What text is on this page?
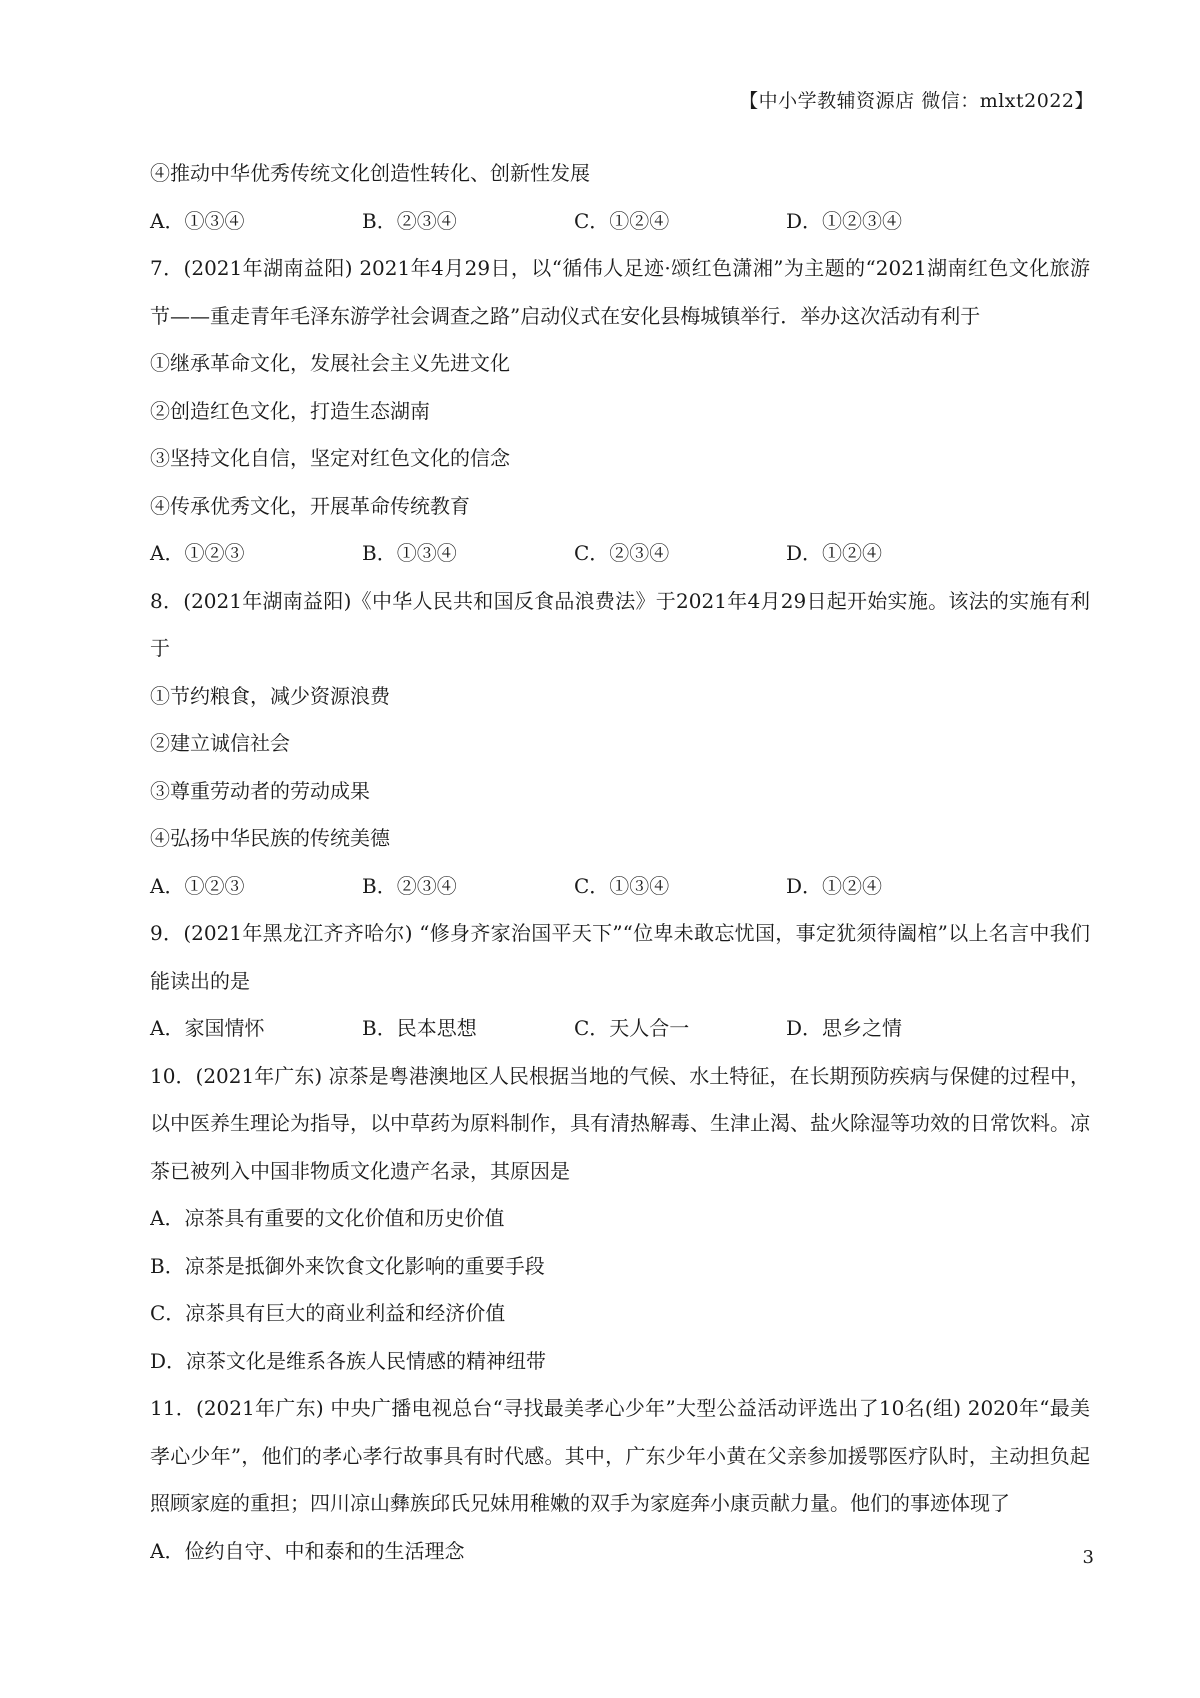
【中小学教辅资源店 微信：mlxt2022】
④推动中华优秀传统文化创造性转化、创新性发展
A．①③④	B．②③④	C．①②④	D．①②③④
7．(2021年湖南益阳) 2021年4月29日，以“循伟人足迹·颂红色潇湘”为主题的“2021湖南红色文化旅游节——重走青年毛泽东游学社会调查之路”启动仪式在安化县梅城镇举行．举办这次活动有利于
①继承革命文化，发展社会主义先进文化
②创造红色文化，打造生态湖南
③坚持文化自信，坚定对红色文化的信念
④传承优秀文化，开展革命传统教育
A．①②③	B．①③④	C．②③④	D．①②④
8．(2021年湖南益阳)《中华人民共和国反食品浪费法》于2021年4月29日起开始实施。该法的实施有利于
①节约粮食，减少资源浪费
②建立诚信社会
③尊重劳动者的劳动成果
④弘扬中华民族的传统美德
A．①②③	B．②③④	C．①③④	D．①②④
9．(2021年黑龙江齐齐哈尔) “修身齐家治国平天下”“位卑未敢忘忧国，事定犹须待阖棺”以上名言中我们能读出的是
A．家国情怀	B．民本思想	C．天人合一	D．思乡之情
10．(2021年广东) 凉茶是粤港澳地区人民根据当地的气候、水土特征，在长期预防疾病与保健的过程中，以中医养生理论为指导，以中草药为原料制作，具有清热解毒、生津止渴、盐火除湿等功效的日常饮料。凉茶已被列入中国非物质文化遗产名录，其原因是
A．凉茶具有重要的文化价值和历史价值
B．凉茶是抵御外来饮食文化影响的重要手段
C．凉茶具有巨大的商业利益和经济价值
D．凉茶文化是维系各族人民情感的精神纽带
11．(2021年广东) 中央广播电视总台“寻找最美孝心少年”大型公益活动评选出了10名(组) 2020年“最美孝心少年”，他们的孝心孝行故事具有时代感。其中，广东少年小黄在父亲参加援鄂医疗队时，主动担负起照顾家庭的重担；四川凉山彝族邱氏兄妹用稚嫩的双手为家庭奔小康贡献力量。他们的事迹体现了
A．俭约自守、中和泰和的生活理念	3
